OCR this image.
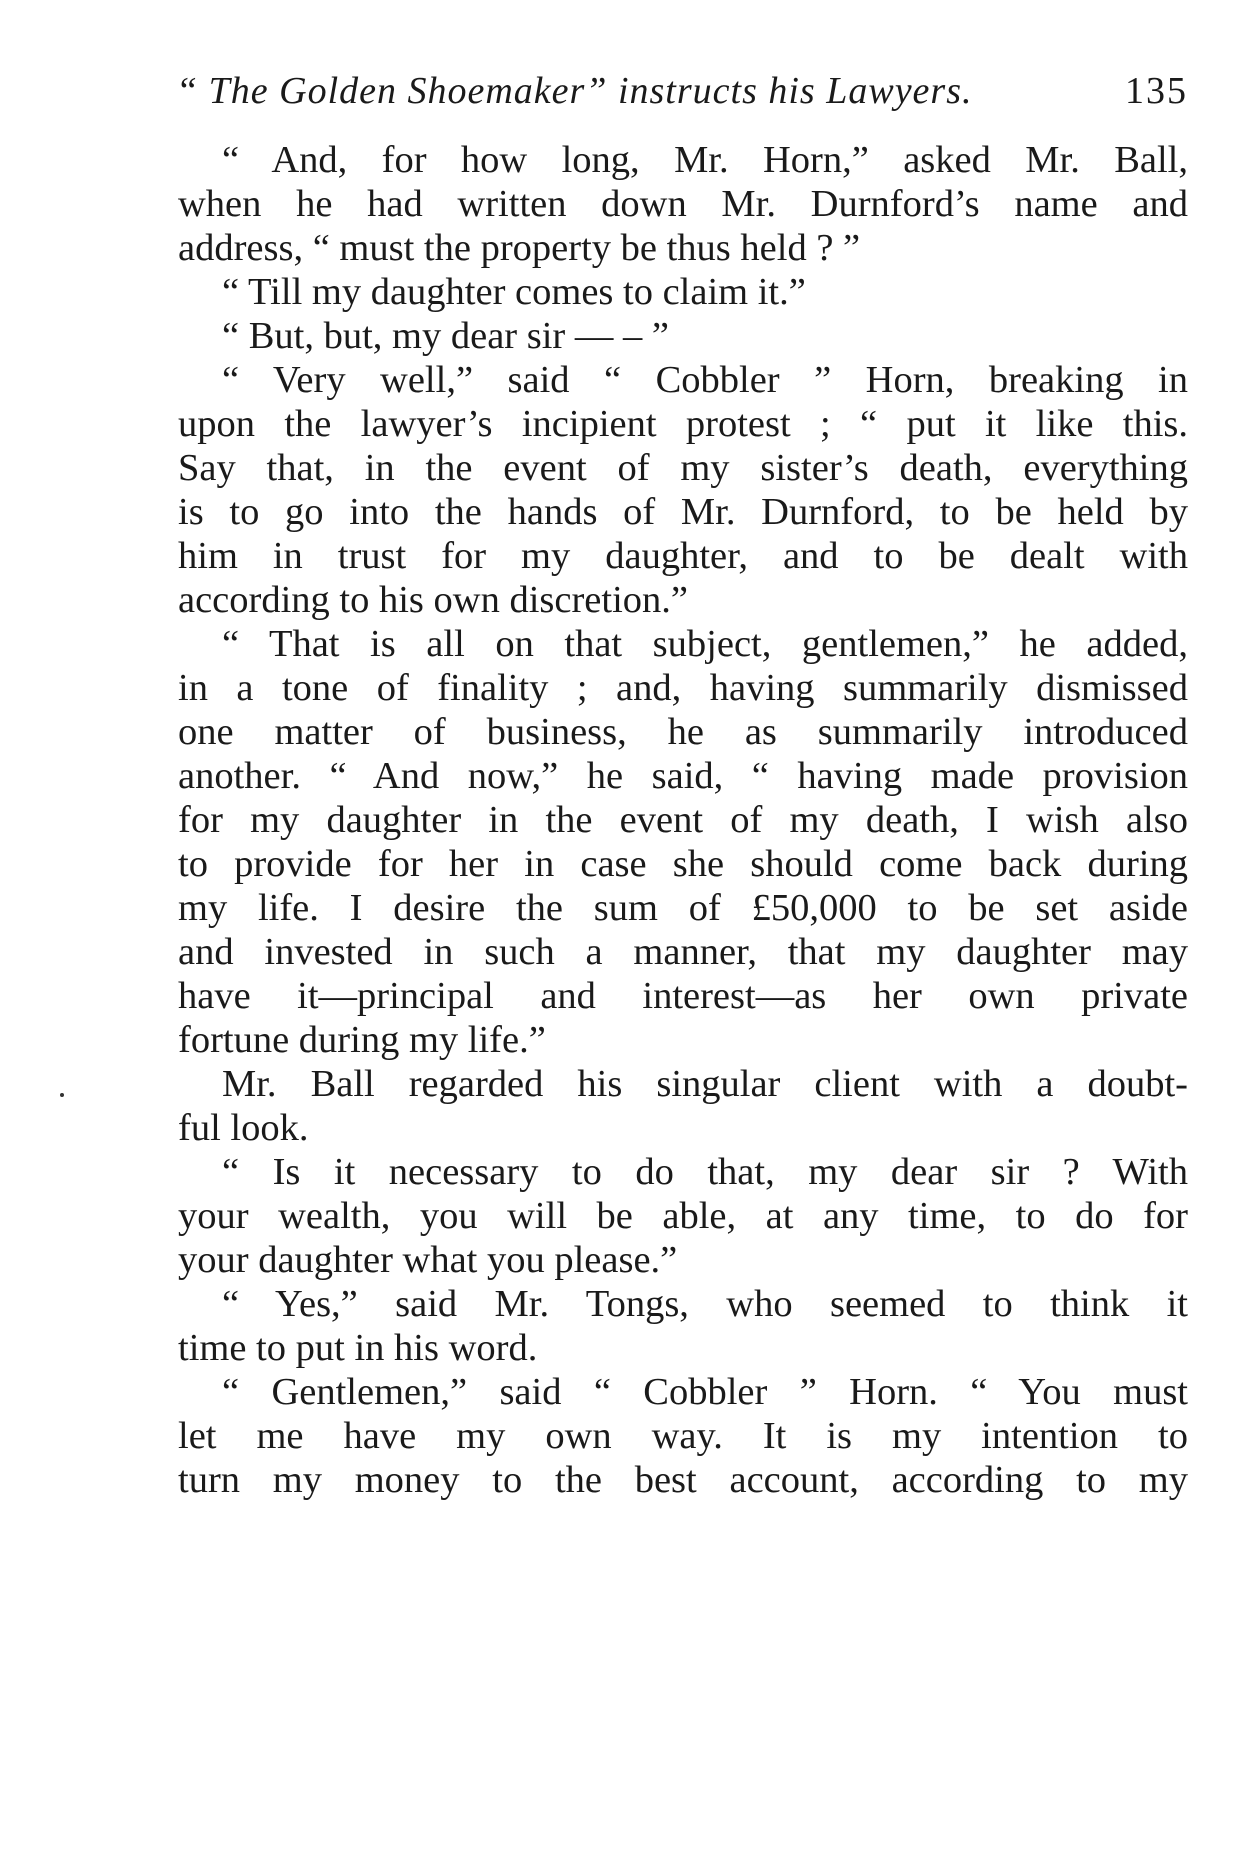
“ The Golden Shoemaker” instructs his Lawyers.	135
“ And, for how long, Mr. Horn,” asked Mr. Ball,
when he had written down Mr. Durnford’s name and
address, “ must the property be thus held ? ”
“ Till my daughter comes to claim it.”
“ But, but, my dear sir — – ”
“ Very well,” said “ Cobbler ” Horn, breaking in
upon the lawyer’s incipient protest ; “ put it like this.
Say that, in the event of my sister’s death, everything
is to go into the hands of Mr. Durnford, to be held by
him in trust for my daughter, and to be dealt with
according to his own discretion.”
“ That is all on that subject, gentlemen,” he added,
in a tone of finality ; and, having summarily dismissed
one matter of business, he as summarily introduced
another. “ And now,” he said, “ having made provision
for my daughter in the event of my death, I wish also
to provide for her in case she should come back during
my life. I desire the sum of £50,000 to be set aside
and invested in such a manner, that my daughter may
have it—principal and interest—as her own private
fortune during my life.”
Mr. Ball regarded his singular client with a doubt-
ful look.
“ Is it necessary to do that, my dear sir ? With
your wealth, you will be able, at any time, to do for
your daughter what you please.”
“ Yes,” said Mr. Tongs, who seemed to think it
time to put in his word.
“ Gentlemen,” said “ Cobbler ” Horn. “ You must
let me have my own way. It is my intention to
turn my money to the best account, according to my
